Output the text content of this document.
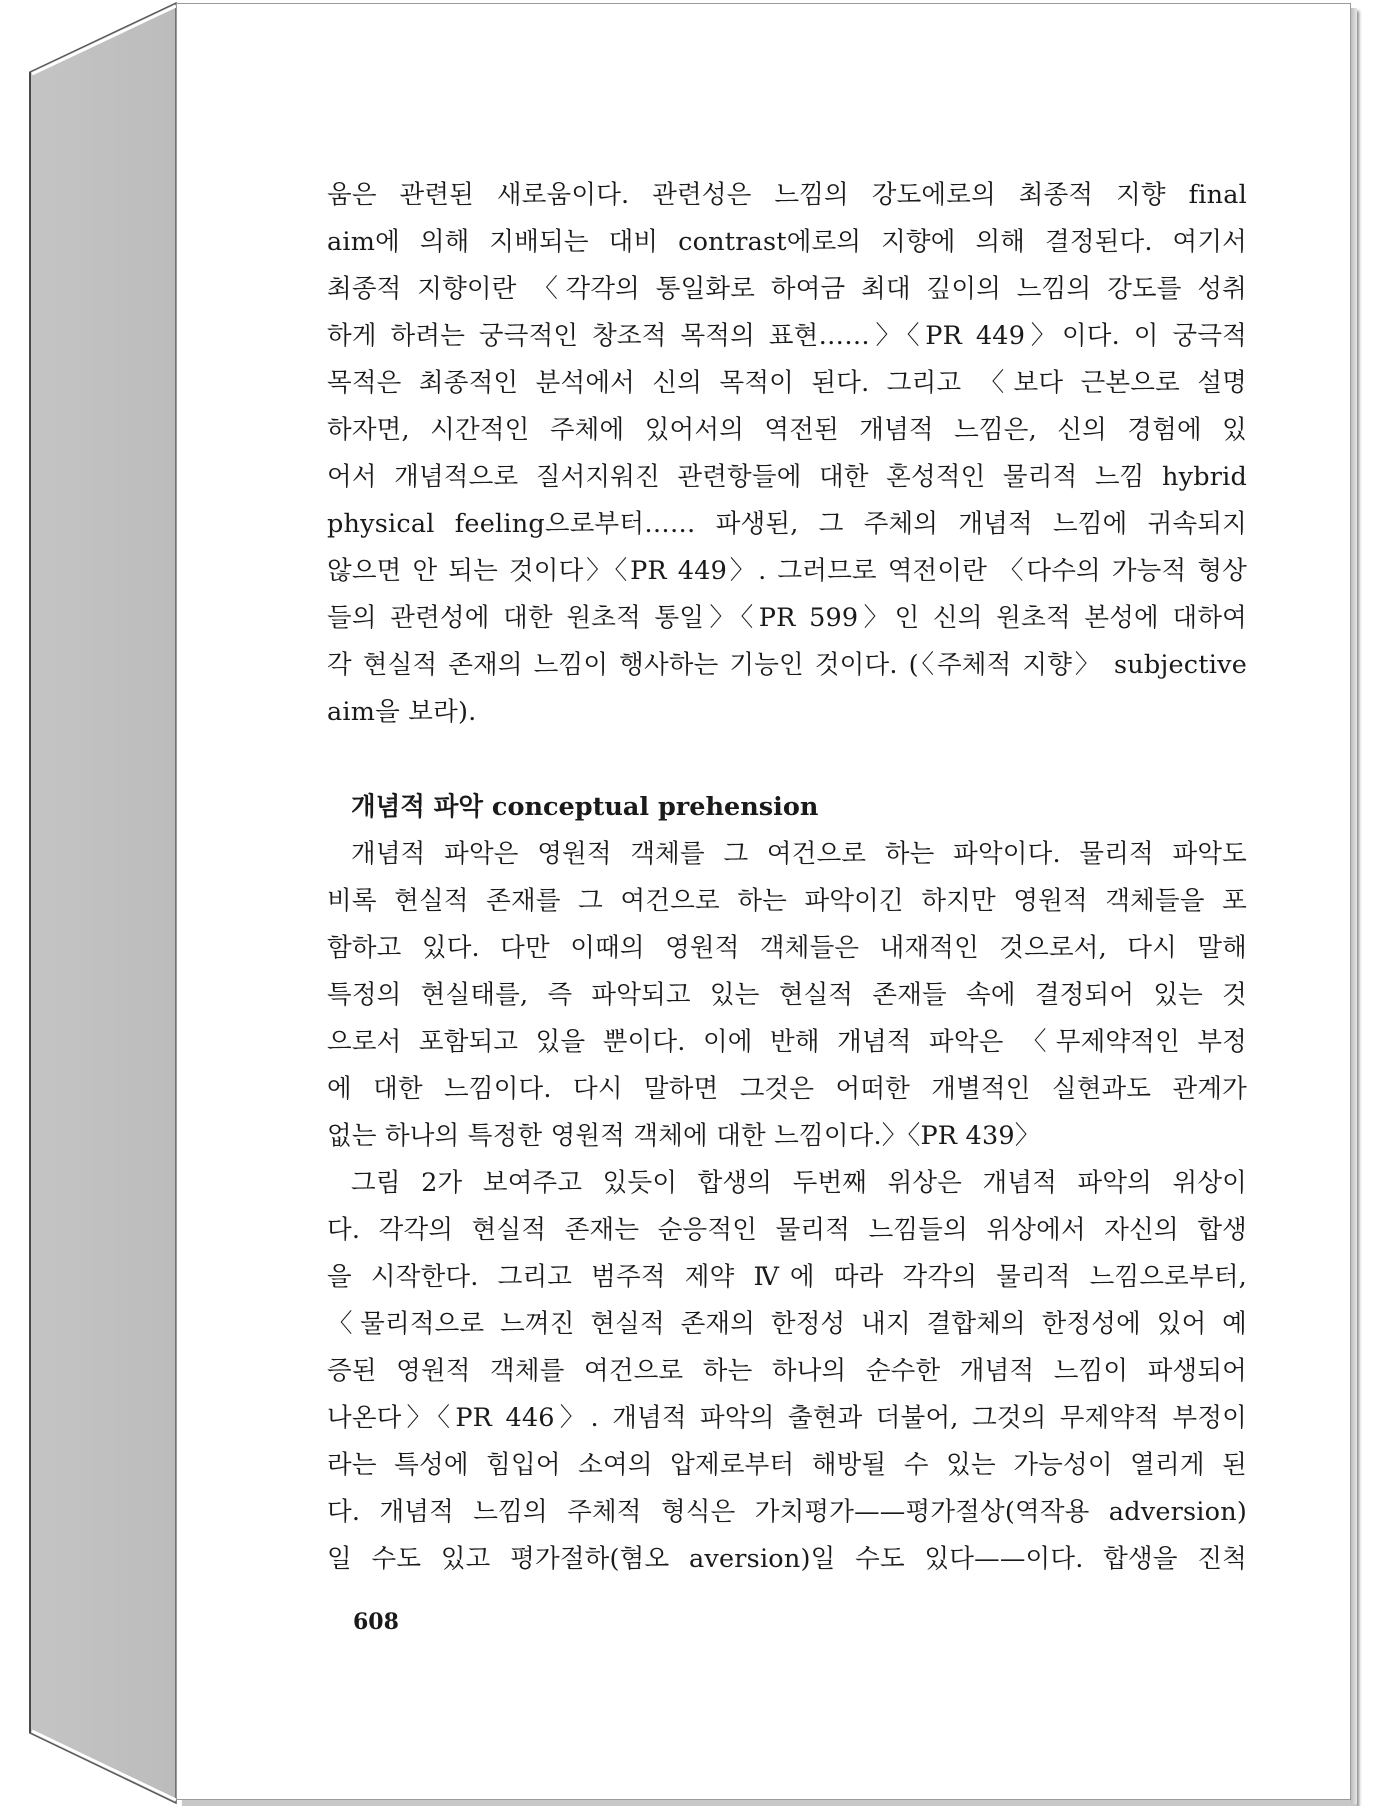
움은 관련된 새로움이다. 관련성은 느낌의 강도에로의 최종적 지향 final
aim에 의해 지배되는 대비 contrast에로의 지향에 의해 결정된다. 여기서
최종적 지향이란 〈각각의 통일화로 하여금 최대 깊이의 느낌의 강도를 성취
하게 하려는 궁극적인 창조적 목적의 표현……〉〈PR 449〉이다. 이 궁극적
목적은 최종적인 분석에서 신의 목적이 된다. 그리고 〈보다 근본으로 설명
하자면, 시간적인 주체에 있어서의 역전된 개념적 느낌은, 신의 경험에 있
어서 개념적으로 질서지워진 관련항들에 대한 혼성적인 물리적 느낌 hybrid
physical feeling으로부터…… 파생된, 그 주체의 개념적 느낌에 귀속되지
않으면 안 되는 것이다〉〈PR 449〉. 그러므로 역전이란 〈다수의 가능적 형상
들의 관련성에 대한 원초적 통일〉〈PR 599〉인 신의 원초적 본성에 대하여
각 현실적 존재의 느낌이 행사하는 기능인 것이다. (〈주체적 지향〉 subjective
aim을 보라).
개념적 파악 conceptual prehension
개념적 파악은 영원적 객체를 그 여건으로 하는 파악이다. 물리적 파악도
비록 현실적 존재를 그 여건으로 하는 파악이긴 하지만 영원적 객체들을 포
함하고 있다. 다만 이때의 영원적 객체들은 내재적인 것으로서, 다시 말해
특정의 현실태를, 즉 파악되고 있는 현실적 존재들 속에 결정되어 있는 것
으로서 포함되고 있을 뿐이다. 이에 반해 개념적 파악은 〈무제약적인 부정
에 대한 느낌이다. 다시 말하면 그것은 어떠한 개별적인 실현과도 관계가
없는 하나의 특정한 영원적 객체에 대한 느낌이다.〉〈PR 439〉
그림 2가 보여주고 있듯이 합생의 두번째 위상은 개념적 파악의 위상이
다. 각각의 현실적 존재는 순응적인 물리적 느낌들의 위상에서 자신의 합생
을 시작한다. 그리고 범주적 제약 Ⅳ에 따라 각각의 물리적 느낌으로부터,
〈물리적으로 느껴진 현실적 존재의 한정성 내지 결합체의 한정성에 있어 예
증된 영원적 객체를 여건으로 하는 하나의 순수한 개념적 느낌이 파생되어
나온다〉〈PR 446〉. 개념적 파악의 출현과 더불어, 그것의 무제약적 부정이
라는 특성에 힘입어 소여의 압제로부터 해방될 수 있는 가능성이 열리게 된
다. 개념적 느낌의 주체적 형식은 가치평가——평가절상(역작용 adversion)
일 수도 있고 평가절하(혐오 aversion)일 수도 있다——이다. 합생을 진척
608
